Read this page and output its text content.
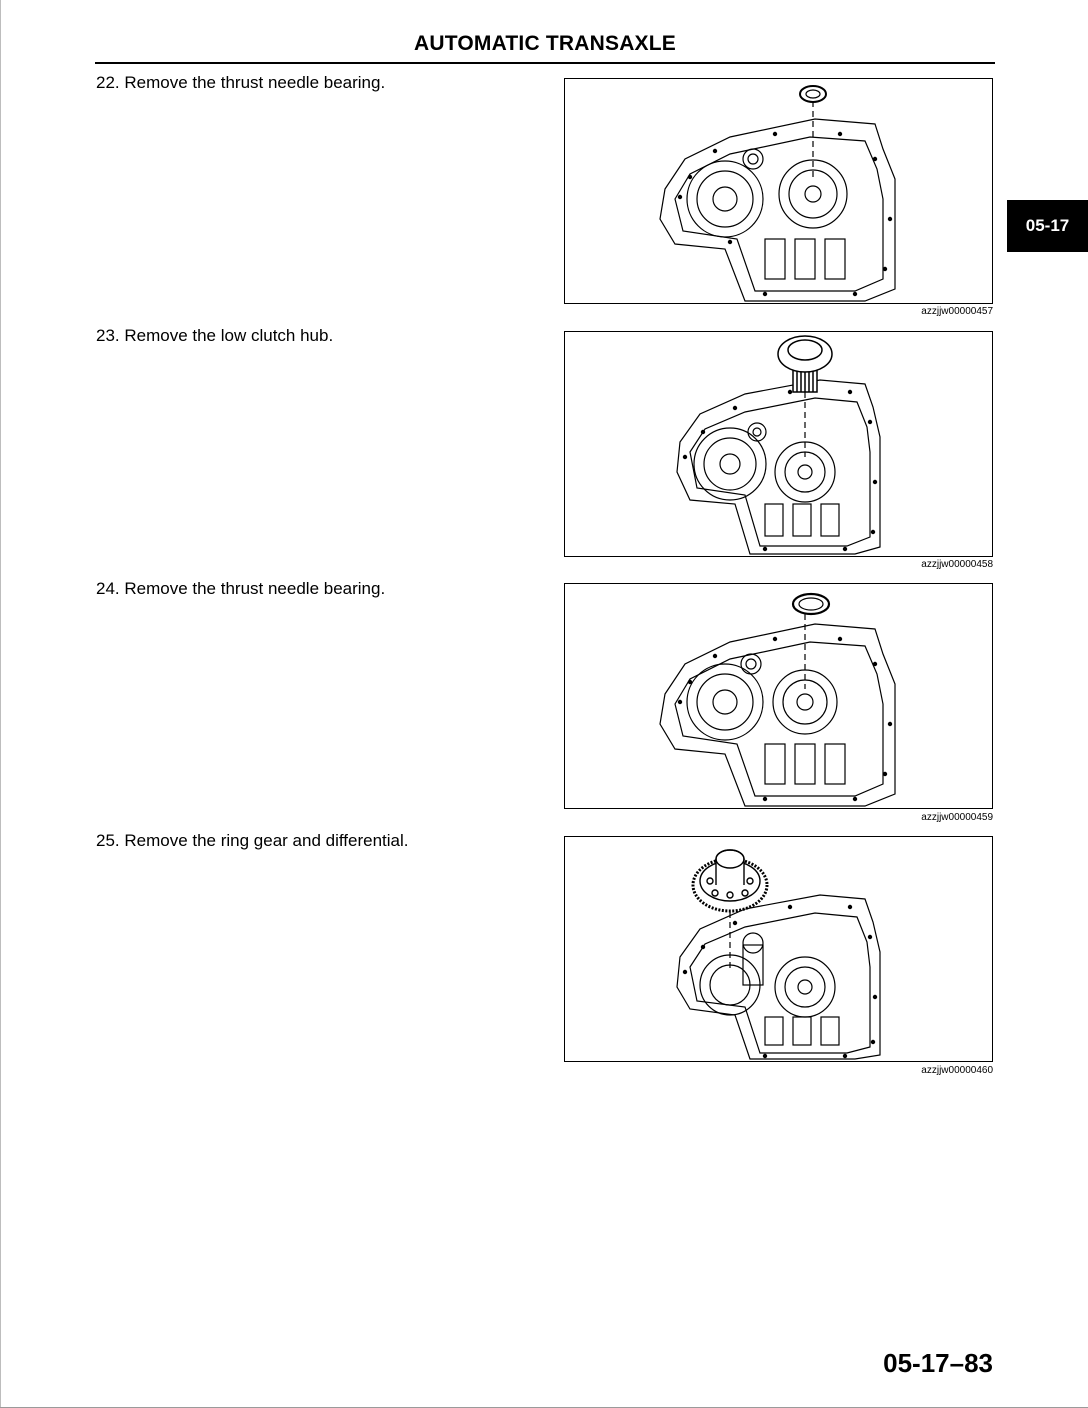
AUTOMATIC TRANSAXLE
05-17
22. Remove the thrust needle bearing.
azzjjw00000457
23. Remove the low clutch hub.
azzjjw00000458
24. Remove the thrust needle bearing.
azzjjw00000459
25. Remove the ring gear and differential.
azzjjw00000460
05-17–83
